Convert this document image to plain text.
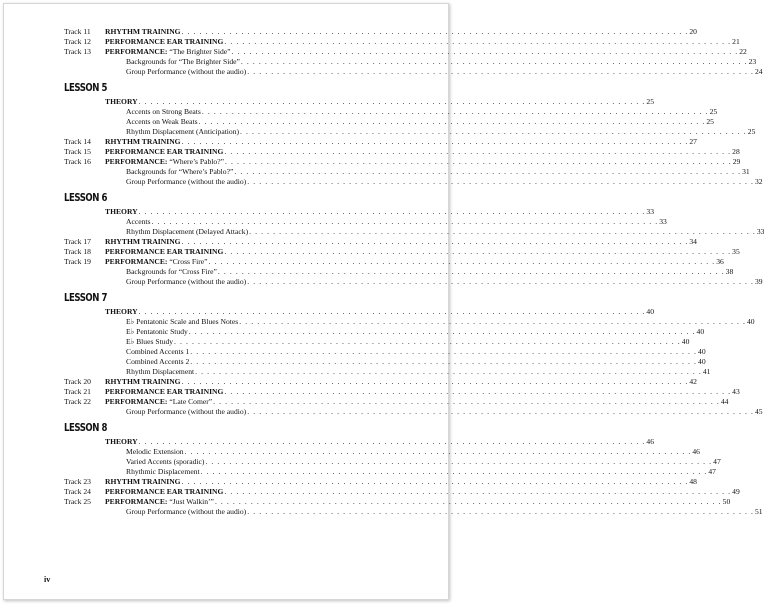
Track 11	RHYTHM TRAINING . . . . . . . . . . . . . . . . . . . . . . . . . . . . . . . . . . . . . . . . . . . . . . . . . . . . . . . . . . . . . . . . . . . . . . . . . . . . . . . . . . . . . 20
Track 12	PERFORMANCE EAR TRAINING . . . . . . . . . . . . . . . . . . . . . . . . . . . . . . . . . . . . . . . . . . . . . . . . . . . . . . . . . . . . . . . . . . . . . . . . . . . . . . . . . . . . . 21
Track 13	PERFORMANCE: “The Brighter Side” . . . . . . . . . . . . . . . . . . . . . . . . . . . . . . . . . . . . . . . . . . . . . . . . . . . . . . . . . . . . . . . . . . . . . . . . . . . . . . . . . . . . . 22
Backgrounds for “The Brighter Side” . . . . . . . . . . . . . . . . . . . . . . . . . . . . . . . . . . . . . . . . . . . . . . . . . . . . . . . . . . . . . . . . . . . . . . . . . . . . . . . . . . . . . 23
Group Performance (without the audio) . . . . . . . . . . . . . . . . . . . . . . . . . . . . . . . . . . . . . . . . . . . . . . . . . . . . . . . . . . . . . . . . . . . . . . . . . . . . . . . . . . . . . 24
LESSON 5
THEORY . . . . . . . . . . . . . . . . . . . . . . . . . . . . . . . . . . . . . . . . . . . . . . . . . . . . . . . . . . . . . . . . . . . . . . . . . . . . . . . . . . . . . 25
Accents on Strong Beats . . . . . . . . . . . . . . . . . . . . . . . . . . . . . . . . . . . . . . . . . . . . . . . . . . . . . . . . . . . . . . . . . . . . . . . . . . . . . . . . . . . . . 25
Accents on Weak Beats . . . . . . . . . . . . . . . . . . . . . . . . . . . . . . . . . . . . . . . . . . . . . . . . . . . . . . . . . . . . . . . . . . . . . . . . . . . . . . . . . . . . . 25
Rhythm Displacement (Anticipation) . . . . . . . . . . . . . . . . . . . . . . . . . . . . . . . . . . . . . . . . . . . . . . . . . . . . . . . . . . . . . . . . . . . . . . . . . . . . . . . . . . . . . 25
Track 14	RHYTHM TRAINING . . . . . . . . . . . . . . . . . . . . . . . . . . . . . . . . . . . . . . . . . . . . . . . . . . . . . . . . . . . . . . . . . . . . . . . . . . . . . . . . . . . . . 27
Track 15	PERFORMANCE EAR TRAINING . . . . . . . . . . . . . . . . . . . . . . . . . . . . . . . . . . . . . . . . . . . . . . . . . . . . . . . . . . . . . . . . . . . . . . . . . . . . . . . . . . . . . 28
Track 16	PERFORMANCE: “Where’s Pablo?” . . . . . . . . . . . . . . . . . . . . . . . . . . . . . . . . . . . . . . . . . . . . . . . . . . . . . . . . . . . . . . . . . . . . . . . . . . . . . . . . . . . . . 29
Backgrounds for “Where’s Pablo?” . . . . . . . . . . . . . . . . . . . . . . . . . . . . . . . . . . . . . . . . . . . . . . . . . . . . . . . . . . . . . . . . . . . . . . . . . . . . . . . . . . . . . 31
Group Performance (without the audio) . . . . . . . . . . . . . . . . . . . . . . . . . . . . . . . . . . . . . . . . . . . . . . . . . . . . . . . . . . . . . . . . . . . . . . . . . . . . . . . . . . . . . 32
LESSON 6
THEORY . . . . . . . . . . . . . . . . . . . . . . . . . . . . . . . . . . . . . . . . . . . . . . . . . . . . . . . . . . . . . . . . . . . . . . . . . . . . . . . . . . . . . 33
Accents . . . . . . . . . . . . . . . . . . . . . . . . . . . . . . . . . . . . . . . . . . . . . . . . . . . . . . . . . . . . . . . . . . . . . . . . . . . . . . . . . . . . . 33
Rhythm Displacement (Delayed Attack) . . . . . . . . . . . . . . . . . . . . . . . . . . . . . . . . . . . . . . . . . . . . . . . . . . . . . . . . . . . . . . . . . . . . . . . . . . . . . . . . . . . . . 33
Track 17	RHYTHM TRAINING . . . . . . . . . . . . . . . . . . . . . . . . . . . . . . . . . . . . . . . . . . . . . . . . . . . . . . . . . . . . . . . . . . . . . . . . . . . . . . . . . . . . . 34
Track 18	PERFORMANCE EAR TRAINING . . . . . . . . . . . . . . . . . . . . . . . . . . . . . . . . . . . . . . . . . . . . . . . . . . . . . . . . . . . . . . . . . . . . . . . . . . . . . . . . . . . . . 35
Track 19	PERFORMANCE: “Cross Fire” . . . . . . . . . . . . . . . . . . . . . . . . . . . . . . . . . . . . . . . . . . . . . . . . . . . . . . . . . . . . . . . . . . . . . . . . . . . . . . . . . . . . . 36
Backgrounds for “Cross Fire” . . . . . . . . . . . . . . . . . . . . . . . . . . . . . . . . . . . . . . . . . . . . . . . . . . . . . . . . . . . . . . . . . . . . . . . . . . . . . . . . . . . . . 38
Group Performance (without the audio) . . . . . . . . . . . . . . . . . . . . . . . . . . . . . . . . . . . . . . . . . . . . . . . . . . . . . . . . . . . . . . . . . . . . . . . . . . . . . . . . . . . . . 39
LESSON 7
THEORY . . . . . . . . . . . . . . . . . . . . . . . . . . . . . . . . . . . . . . . . . . . . . . . . . . . . . . . . . . . . . . . . . . . . . . . . . . . . . . . . . . . . . 40
E♭ Pentatonic Scale and Blues Notes . . . . . . . . . . . . . . . . . . . . . . . . . . . . . . . . . . . . . . . . . . . . . . . . . . . . . . . . . . . . . . . . . . . . . . . . . . . . . . . . . . . . . 40
E♭ Pentatonic Study . . . . . . . . . . . . . . . . . . . . . . . . . . . . . . . . . . . . . . . . . . . . . . . . . . . . . . . . . . . . . . . . . . . . . . . . . . . . . . . . . . . . . 40
E♭ Blues Study . . . . . . . . . . . . . . . . . . . . . . . . . . . . . . . . . . . . . . . . . . . . . . . . . . . . . . . . . . . . . . . . . . . . . . . . . . . . . . . . . . . . . 40
Combined Accents 1 . . . . . . . . . . . . . . . . . . . . . . . . . . . . . . . . . . . . . . . . . . . . . . . . . . . . . . . . . . . . . . . . . . . . . . . . . . . . . . . . . . . . . 40
Combined Accents 2 . . . . . . . . . . . . . . . . . . . . . . . . . . . . . . . . . . . . . . . . . . . . . . . . . . . . . . . . . . . . . . . . . . . . . . . . . . . . . . . . . . . . . 40
Rhythm Displacement . . . . . . . . . . . . . . . . . . . . . . . . . . . . . . . . . . . . . . . . . . . . . . . . . . . . . . . . . . . . . . . . . . . . . . . . . . . . . . . . . . . . . 41
Track 20	RHYTHM TRAINING . . . . . . . . . . . . . . . . . . . . . . . . . . . . . . . . . . . . . . . . . . . . . . . . . . . . . . . . . . . . . . . . . . . . . . . . . . . . . . . . . . . . . 42
Track 21	PERFORMANCE EAR TRAINING . . . . . . . . . . . . . . . . . . . . . . . . . . . . . . . . . . . . . . . . . . . . . . . . . . . . . . . . . . . . . . . . . . . . . . . . . . . . . . . . . . . . . 43
Track 22	PERFORMANCE: “Late Comer” . . . . . . . . . . . . . . . . . . . . . . . . . . . . . . . . . . . . . . . . . . . . . . . . . . . . . . . . . . . . . . . . . . . . . . . . . . . . . . . . . . . . . 44
Group Performance (without the audio) . . . . . . . . . . . . . . . . . . . . . . . . . . . . . . . . . . . . . . . . . . . . . . . . . . . . . . . . . . . . . . . . . . . . . . . . . . . . . . . . . . . . . 45
LESSON 8
THEORY . . . . . . . . . . . . . . . . . . . . . . . . . . . . . . . . . . . . . . . . . . . . . . . . . . . . . . . . . . . . . . . . . . . . . . . . . . . . . . . . . . . . . 46
Melodic Extension . . . . . . . . . . . . . . . . . . . . . . . . . . . . . . . . . . . . . . . . . . . . . . . . . . . . . . . . . . . . . . . . . . . . . . . . . . . . . . . . . . . . . 46
Varied Accents (sporadic) . . . . . . . . . . . . . . . . . . . . . . . . . . . . . . . . . . . . . . . . . . . . . . . . . . . . . . . . . . . . . . . . . . . . . . . . . . . . . . . . . . . . . 47
Rhythmic Displacement . . . . . . . . . . . . . . . . . . . . . . . . . . . . . . . . . . . . . . . . . . . . . . . . . . . . . . . . . . . . . . . . . . . . . . . . . . . . . . . . . . . . . 47
Track 23	RHYTHM TRAINING . . . . . . . . . . . . . . . . . . . . . . . . . . . . . . . . . . . . . . . . . . . . . . . . . . . . . . . . . . . . . . . . . . . . . . . . . . . . . . . . . . . . . 48
Track 24	PERFORMANCE EAR TRAINING . . . . . . . . . . . . . . . . . . . . . . . . . . . . . . . . . . . . . . . . . . . . . . . . . . . . . . . . . . . . . . . . . . . . . . . . . . . . . . . . . . . . . 49
Track 25	PERFORMANCE: “Just Walkin’” . . . . . . . . . . . . . . . . . . . . . . . . . . . . . . . . . . . . . . . . . . . . . . . . . . . . . . . . . . . . . . . . . . . . . . . . . . . . . . . . . . . . . 50
Group Performance (without the audio) . . . . . . . . . . . . . . . . . . . . . . . . . . . . . . . . . . . . . . . . . . . . . . . . . . . . . . . . . . . . . . . . . . . . . . . . . . . . . . . . . . . . . 51
iv
